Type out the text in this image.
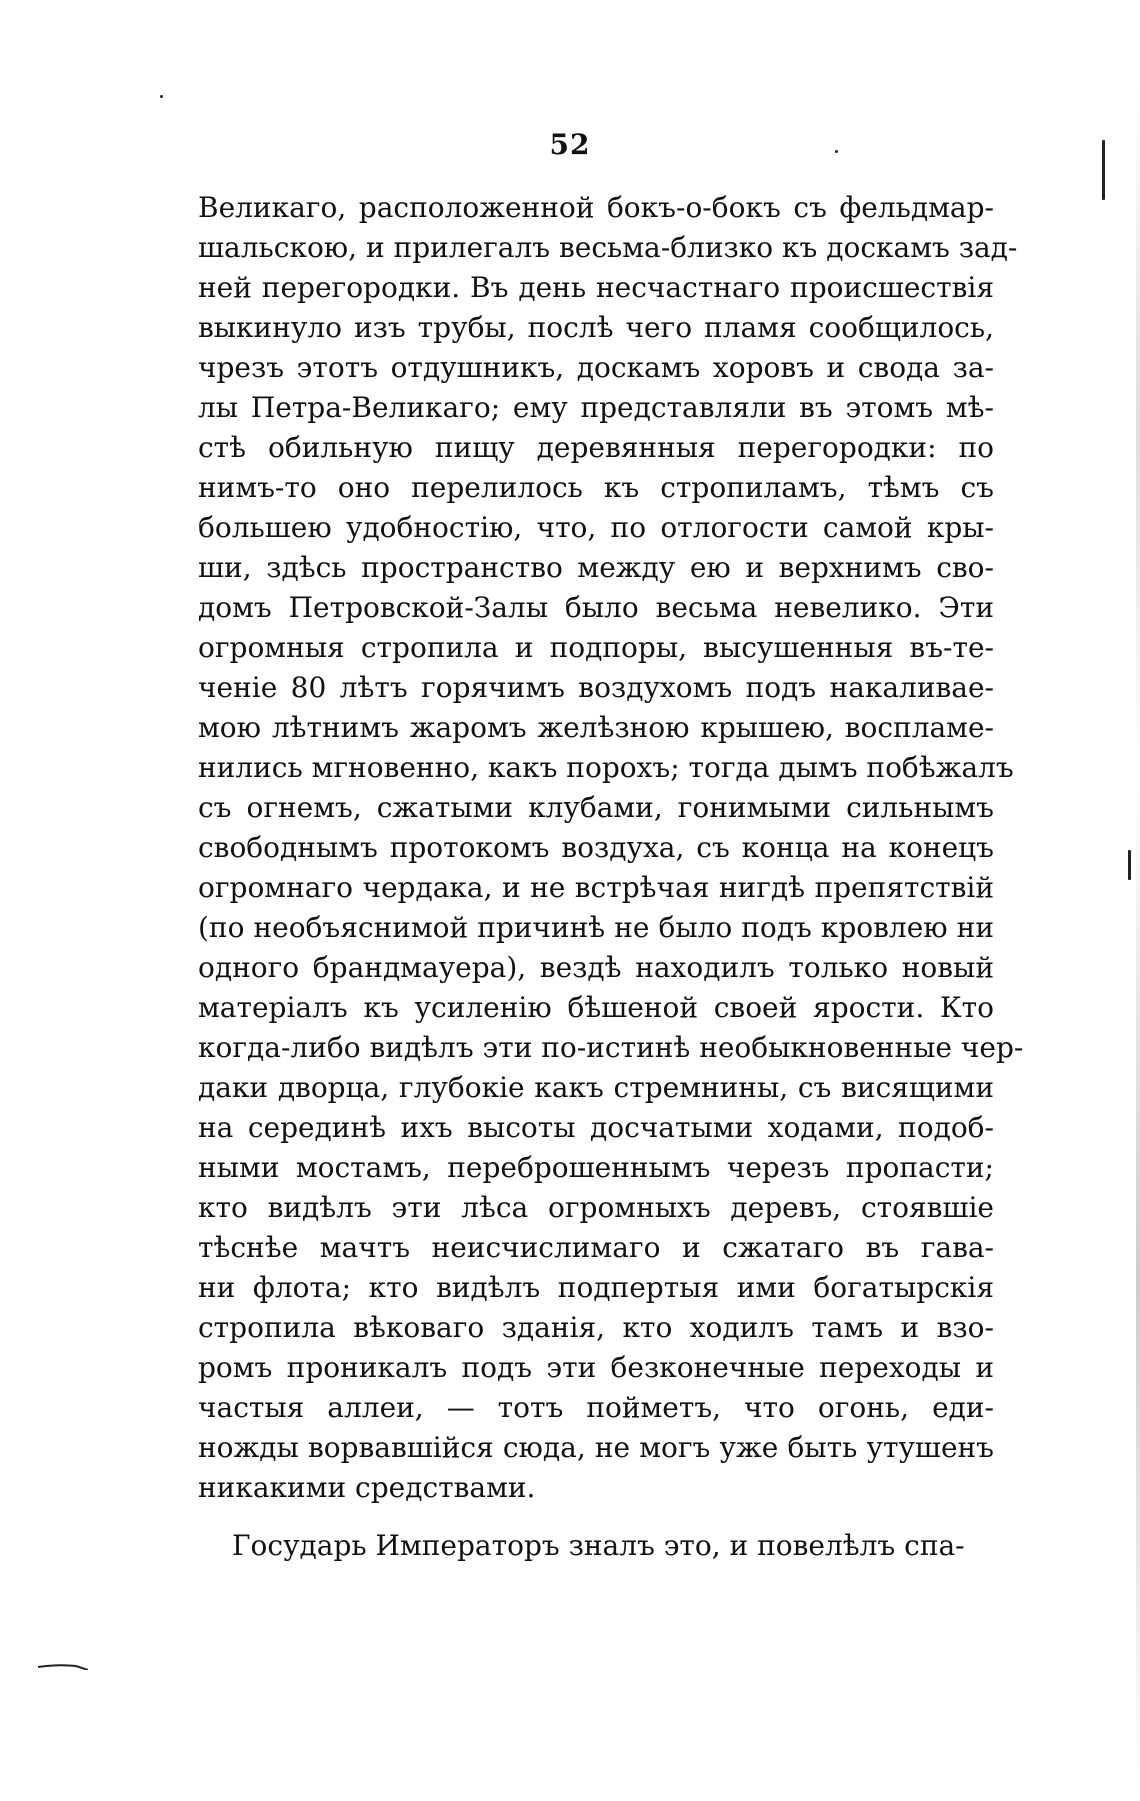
52
Великаго, расположенной бокъ-о-бокъ съ фельдмар-
шальскою, и прилегалъ весьма-близко къ доскамъ зад-
ней перегородки. Въ день несчастнаго происшествія
выкинуло изъ трубы, послѣ чего пламя сообщилось,
чрезъ этотъ отдушникъ, доскамъ хоровъ и свода за-
лы Петра-Великаго; ему представляли въ этомъ мѣ-
стѣ обильную пищу деревянныя перегородки: по
нимъ-то оно перелилось къ стропиламъ, тѣмъ съ
большею удобностію, что, по отлогости самой кры-
ши, здѣсь пространство между ею и верхнимъ сво-
домъ Петровской-Залы было весьма невелико. Эти
огромныя стропила и подпоры, высушенныя въ-те-
ченіе 80 лѣтъ горячимъ воздухомъ подъ накаливае-
мою лѣтнимъ жаромъ желѣзною крышею, воспламе-
нились мгновенно, какъ порохъ; тогда дымъ побѣжалъ
съ огнемъ, сжатыми клубами, гонимыми сильнымъ
свободнымъ протокомъ воздуха, съ конца на конецъ
огромнаго чердака, и не встрѣчая нигдѣ препятствій
(по необъяснимой причинѣ не было подъ кровлею ни
одного брандмауера), вездѣ находилъ только новый
матеріалъ къ усиленію бѣшеной своей ярости. Кто
когда-либо видѣлъ эти по-истинѣ необыкновенные чер-
даки дворца, глубокіе какъ стремнины, съ висящими
на серединѣ ихъ высоты досчатыми ходами, подоб-
ными мостамъ, переброшеннымъ черезъ пропасти;
кто видѣлъ эти лѣса огромныхъ деревъ, стоявшіе
тѣснѣе мачтъ неисчислимаго и сжатаго въ гава-
ни флота; кто видѣлъ подпертыя ими богатырскія
стропила вѣковаго зданія, кто ходилъ тамъ и взо-
ромъ проникалъ подъ эти безконечные переходы и
частыя аллеи, — тотъ пойметъ, что огонь, еди-
ножды ворвавшійся сюда, не могъ уже быть утушенъ
никакими средствами.
Государь Императоръ зналъ это, и повелѣлъ спа-
